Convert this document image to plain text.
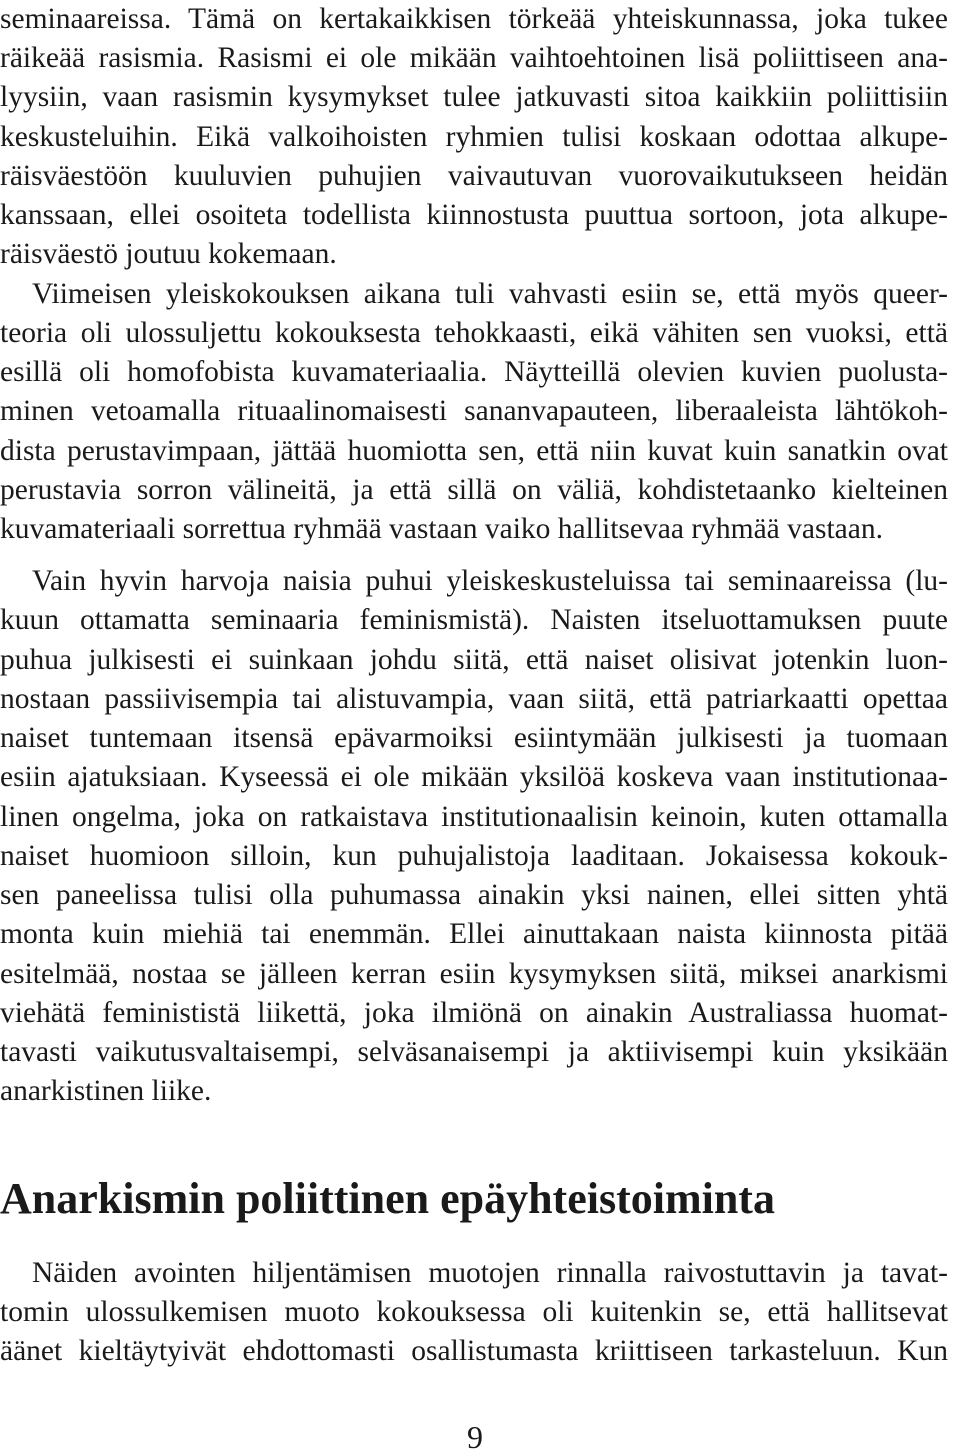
seminaareissa. Tämä on kertakaikkisen törkeää yhteiskunnassa, joka tukee
räikeää rasismia. Rasismi ei ole mikään vaihtoehtoinen lisä poliittiseen ana-
lyysiin, vaan rasismin kysymykset tulee jatkuvasti sitoa kaikkiin poliittisiin
keskusteluihin. Eikä valkoihoisten ryhmien tulisi koskaan odottaa alkupe-
räisväestöön kuuluvien puhujien vaivautuvan vuorovaikutukseen heidän
kanssaan, ellei osoiteta todellista kiinnostusta puuttua sortoon, jota alkupe-
räisväestö joutuu kokemaan.
Viimeisen yleiskokouksen aikana tuli vahvasti esiin se, että myös queer-
teoria oli ulossuljettu kokouksesta tehokkaasti, eikä vähiten sen vuoksi, että
esillä oli homofobista kuvamateriaalia. Näytteillä olevien kuvien puolusta-
minen vetoamalla rituaalinomaisesti sananvapauteen, liberaaleista lähtökoh-
dista perustavimpaan, jättää huomiotta sen, että niin kuvat kuin sanatkin ovat
perustavia sorron välineitä, ja että sillä on väliä, kohdistetaanko kielteinen
kuvamateriaali sorrettua ryhmää vastaan vaiko hallitsevaa ryhmää vastaan.
Vain hyvin harvoja naisia puhui yleiskeskusteluissa tai seminaareissa (lu-
kuun ottamatta seminaaria feminismistä). Naisten itseluottamuksen puute
puhua julkisesti ei suinkaan johdu siitä, että naiset olisivat jotenkin luon-
nostaan passiivisempia tai alistuvampia, vaan siitä, että patriarkaatti opettaa
naiset tuntemaan itsensä epävarmoiksi esiintymään julkisesti ja tuomaan
esiin ajatuksiaan. Kyseessä ei ole mikään yksilöä koskeva vaan institutionaa-
linen ongelma, joka on ratkaistava institutionaalisin keinoin, kuten ottamalla
naiset huomioon silloin, kun puhujalistoja laaditaan. Jokaisessa kokouk-
sen paneelissa tulisi olla puhumassa ainakin yksi nainen, ellei sitten yhtä
monta kuin miehiä tai enemmän. Ellei ainuttakaan naista kiinnosta pitää
esitelmää, nostaa se jälleen kerran esiin kysymyksen siitä, miksei anarkismi
viehätä feminististä liikettä, joka ilmiönä on ainakin Australiassa huomat-
tavasti vaikutusvaltaisempi, selväsanaisempi ja aktiivisempi kuin yksikään
anarkistinen liike.
Anarkismin poliittinen epäyhteistoiminta
Näiden avointen hiljentämisen muotojen rinnalla raivostuttavin ja tavat-
tomin ulossulkemisen muoto kokouksessa oli kuitenkin se, että hallitsevat
äänet kieltäytyivät ehdottomasti osallistumasta kriittiseen tarkasteluun. Kun
9
